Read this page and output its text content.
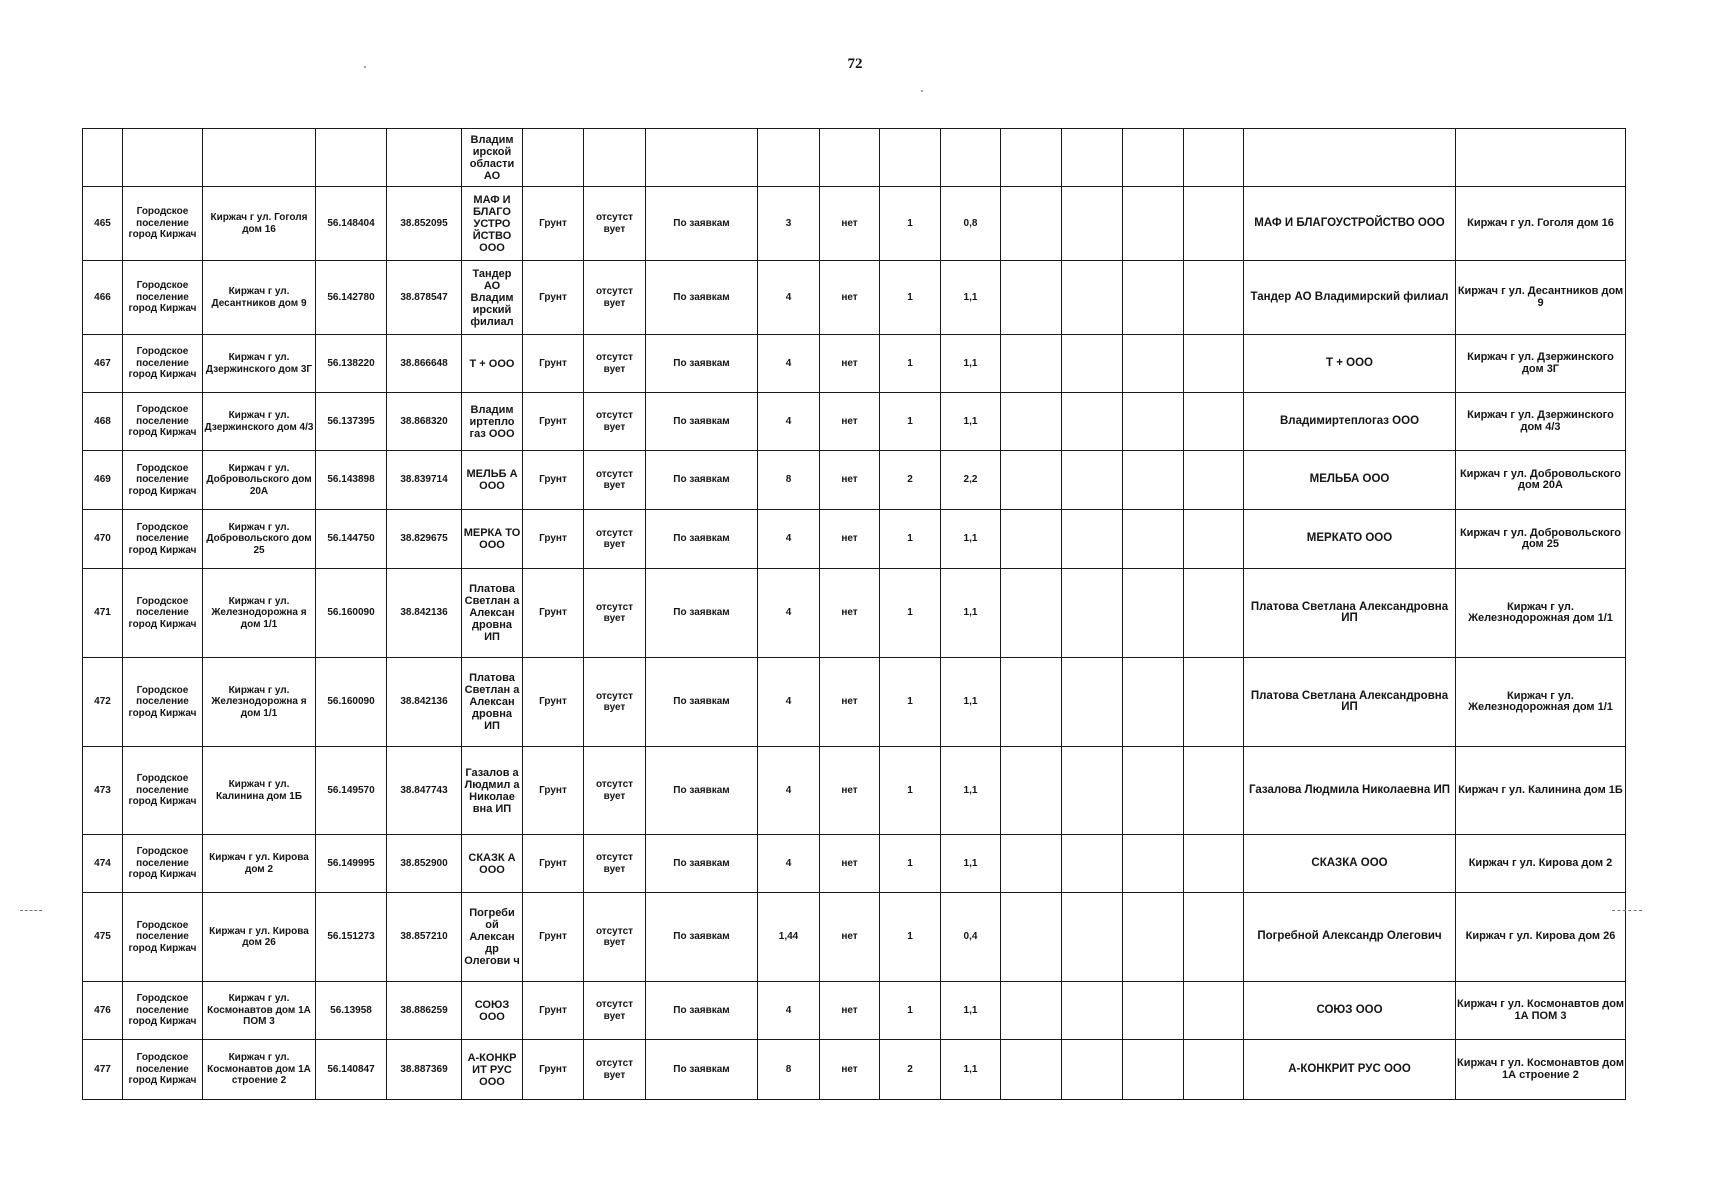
72
					Владим ирской области АО													
465	Городское поселение город Киржач	Киржач г ул. Гоголя дом 16	56.148404	38.852095	МАФ И БЛАГО УСТРО ЙСТВО ООО	Грунт	отсутст вует	По заявкам	3	нет	1	0,8					МАФ И БЛАГОУСТРОЙСТВО ООО	Киржач г ул. Гоголя дом 16
466	Городское поселение город Киржач	Киржач г ул. Десантников дом 9	56.142780	38.878547	Тандер АО Владим ирский филиал	Грунт	отсутст вует	По заявкам	4	нет	1	1,1					Тандер АО Владимирский филиал	Киржач г ул. Десантников дом 9
467	Городское поселение город Киржач	Киржач г ул. Дзержинского дом 3Г	56.138220	38.866648	Т + ООО	Грунт	отсутст вует	По заявкам	4	нет	1	1,1					Т + ООО	Киржач г ул. Дзержинского дом 3Г
468	Городское поселение город Киржач	Киржач г ул. Дзержинского дом 4/3	56.137395	38.868320	Владим иртепло газ ООО	Грунт	отсутст вует	По заявкам	4	нет	1	1,1					Владимиртеплогаз ООО	Киржач г ул. Дзержинского дом 4/3
469	Городское поселение город Киржач	Киржач г ул. Добровольского дом 20А	56.143898	38.839714	МЕЛЬБ А ООО	Грунт	отсутст вует	По заявкам	8	нет	2	2,2					МЕЛЬБА ООО	Киржач г ул. Добровольского дом 20А
470	Городское поселение город Киржач	Киржач г ул. Добровольского дом 25	56.144750	38.829675	МЕРКА ТО ООО	Грунт	отсутст вует	По заявкам	4	нет	1	1,1					МЕРКАТО ООО	Киржач г ул. Добровольского дом 25
471	Городское поселение город Киржач	Киржач г ул. Железнодорожна я дом 1/1	56.160090	38.842136	Платова Светлан а Алексан дровна ИП	Грунт	отсутст вует	По заявкам	4	нет	1	1,1					Платова Светлана Александровна ИП	Киржач г ул. Железнодорожная дом 1/1
472	Городское поселение город Киржач	Киржач г ул. Железнодорожна я дом 1/1	56.160090	38.842136	Платова Светлан а Алексан дровна ИП	Грунт	отсутст вует	По заявкам	4	нет	1	1,1					Платова Светлана Александровна ИП	Киржач г ул. Железнодорожная дом 1/1
473	Городское поселение город Киржач	Киржач г ул. Калинина дом 1Б	56.149570	38.847743	Газалов а Людмил а Николае вна ИП	Грунт	отсутст вует	По заявкам	4	нет	1	1,1					Газалова Людмила Николаевна ИП	Киржач г ул. Калинина дом 1Б
474	Городское поселение город Киржач	Киржач г ул. Кирова дом 2	56.149995	38.852900	СКАЗК А ООО	Грунт	отсутст вует	По заявкам	4	нет	1	1,1					СКАЗКА ООО	Киржач г ул. Кирова дом 2
475	Городское поселение город Киржач	Киржач г ул. Кирова дом 26	56.151273	38.857210	Погреби ой Алексан др Олегови ч	Грунт	отсутст вует	По заявкам	1,44	нет	1	0,4					Погребной Александр Олегович	Киржач г ул. Кирова дом 26
476	Городское поселение город Киржач	Киржач г ул. Космонавтов дом 1А ПОМ 3	56.13958	38.886259	СОЮЗ ООО	Грунт	отсутст вует	По заявкам	4	нет	1	1,1					СОЮЗ ООО	Киржач г ул. Космонавтов дом 1А ПОМ 3
477	Городское поселение город Киржач	Киржач г ул. Космонавтов дом 1А строение 2	56.140847	38.887369	А-КОНКР ИТ РУС ООО	Грунт	отсутст вует	По заявкам	8	нет	2	1,1					А-КОНКРИТ РУС ООО	Киржач г ул. Космонавтов дом 1А строение 2
